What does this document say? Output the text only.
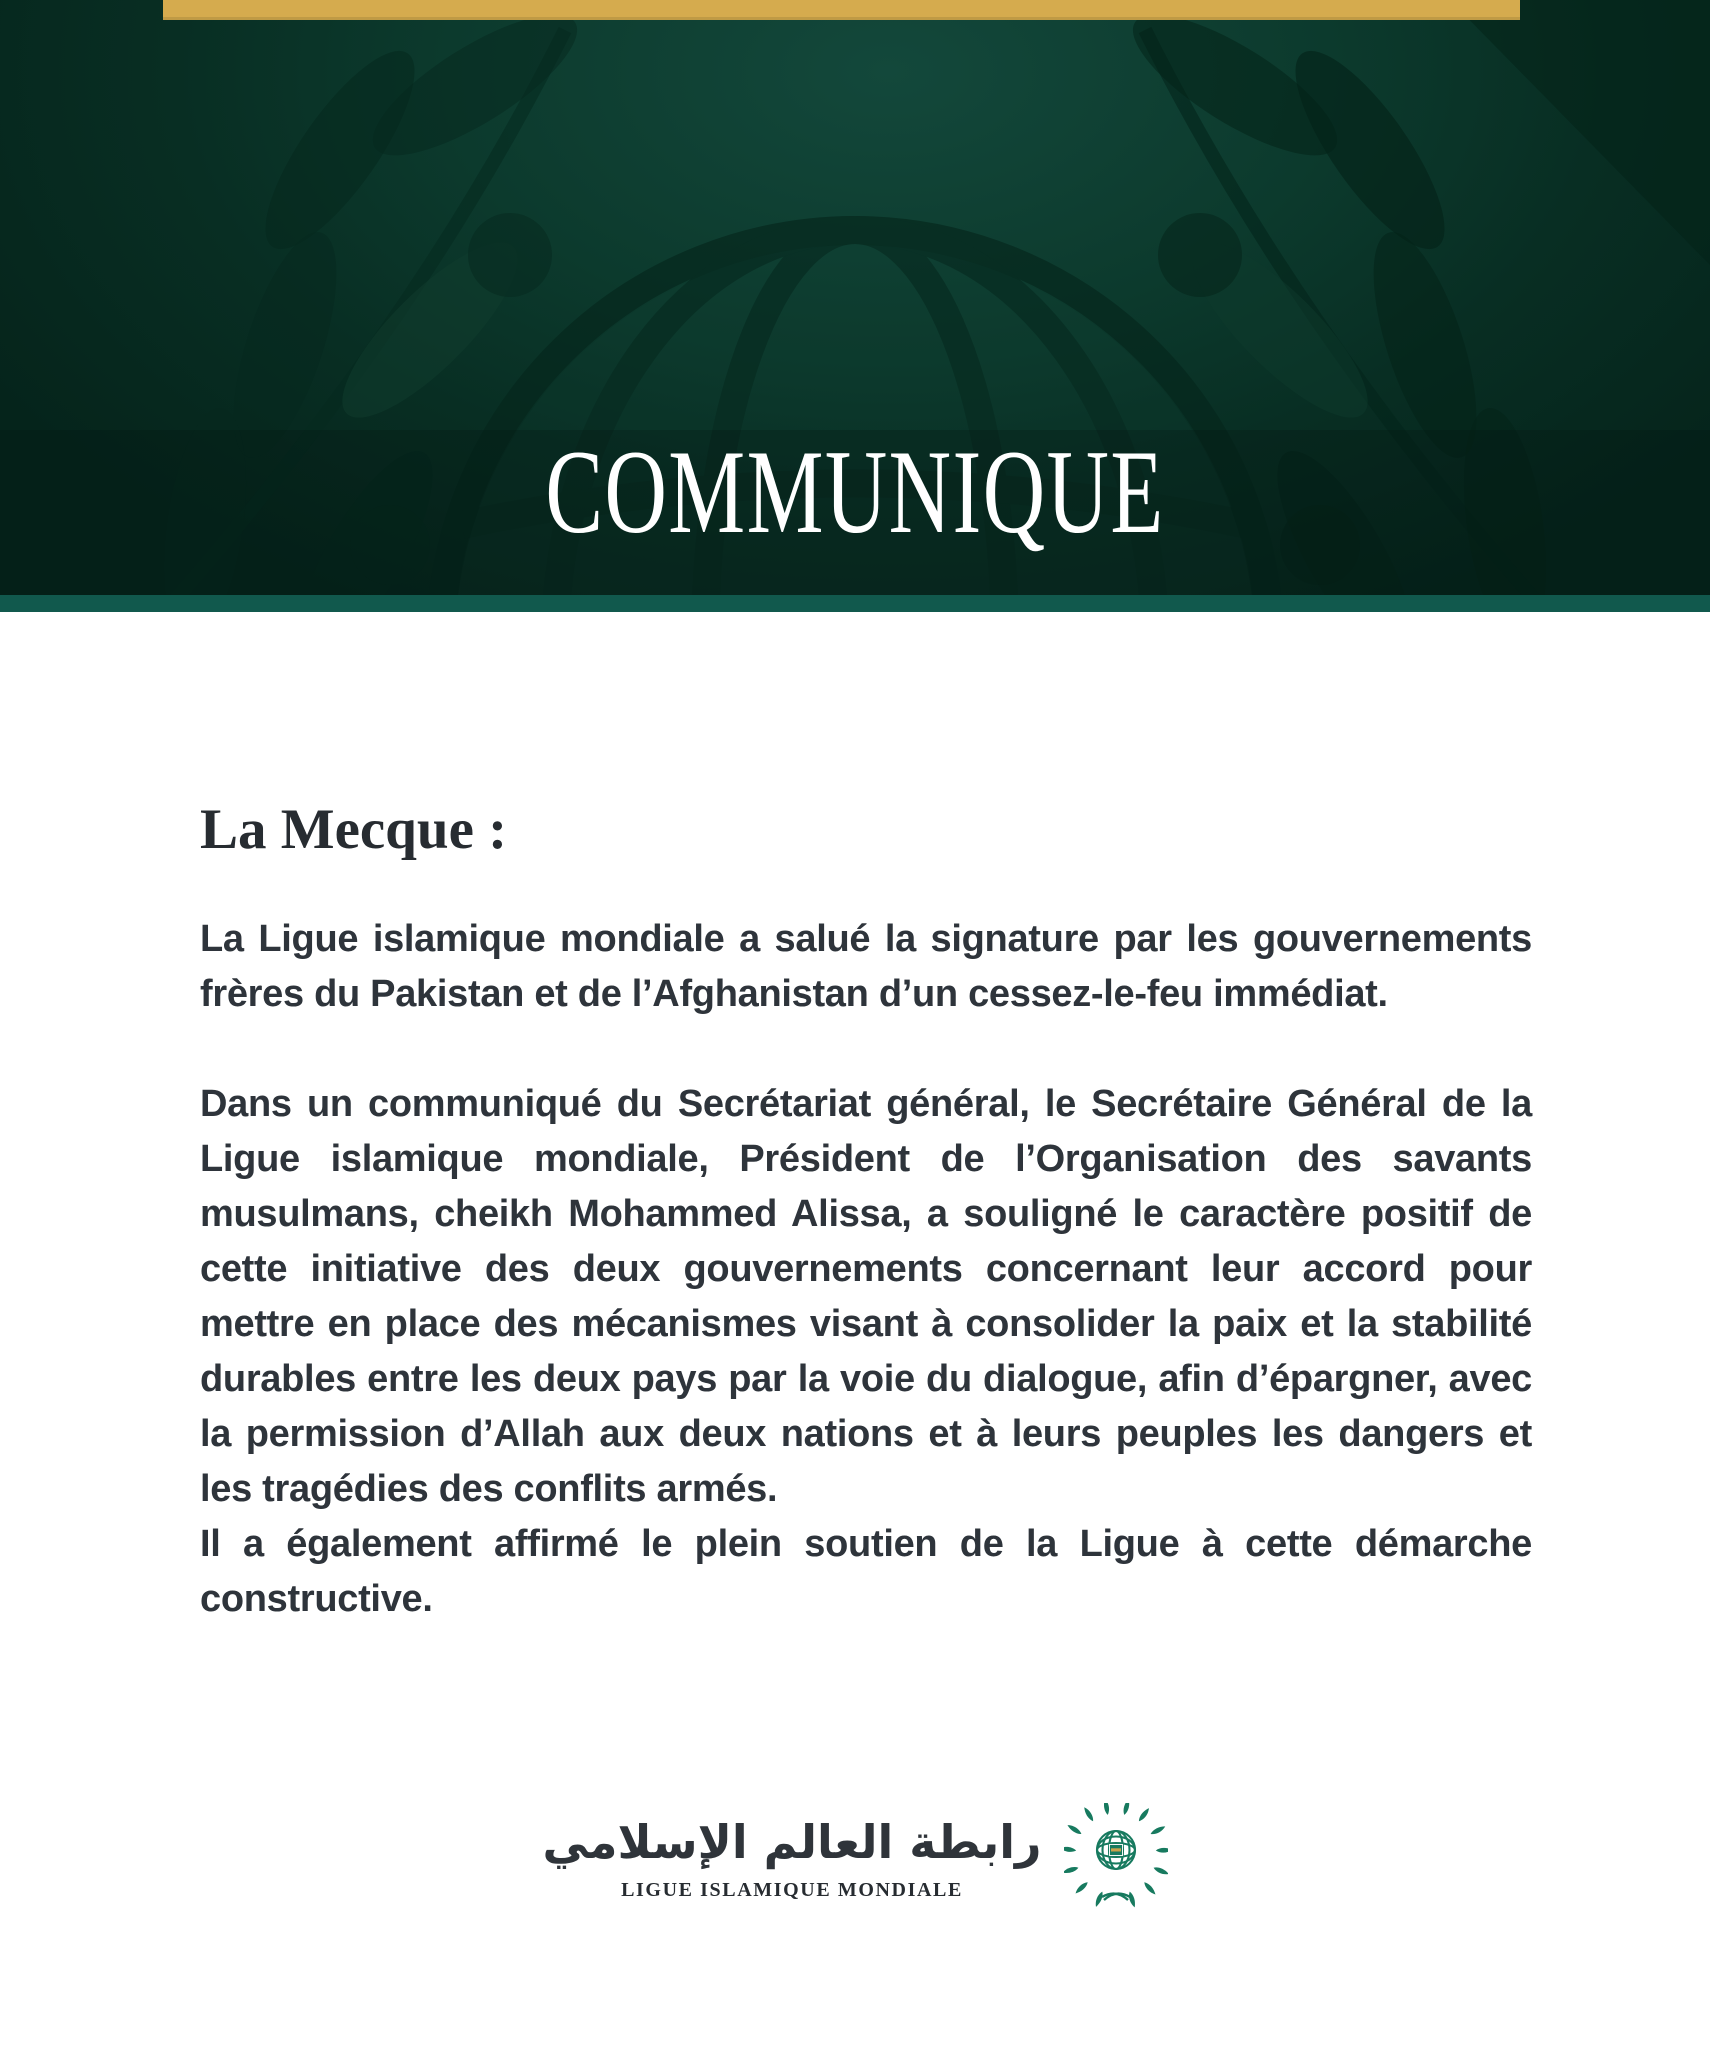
COMMUNIQUE
La Mecque :

La Ligue islamique mondiale a salué la signature par les gouvernements frères du Pakistan et de l’Afghanistan d’un cessez-le-feu immédiat.

Dans un communiqué du Secrétariat général, le Secrétaire Général de la Ligue islamique mondiale, Président de l’Organisation des savants musulmans, cheikh Mohammed Alissa, a souligné le caractère positif de cette initiative des deux gouvernements concernant leur accord pour mettre en place des mécanismes visant à consolider la paix et la stabilité durables entre les deux pays par la voie du dialogue, afin d’épargner, avec la permission d’Allah aux deux nations et à leurs peuples les dangers et les tragédies des conflits armés.

Il a également affirmé le plein soutien de la Ligue à cette démarche constructive.

رابطة العالم الإسلامي
LIGUE ISLAMIQUE MONDIALE
